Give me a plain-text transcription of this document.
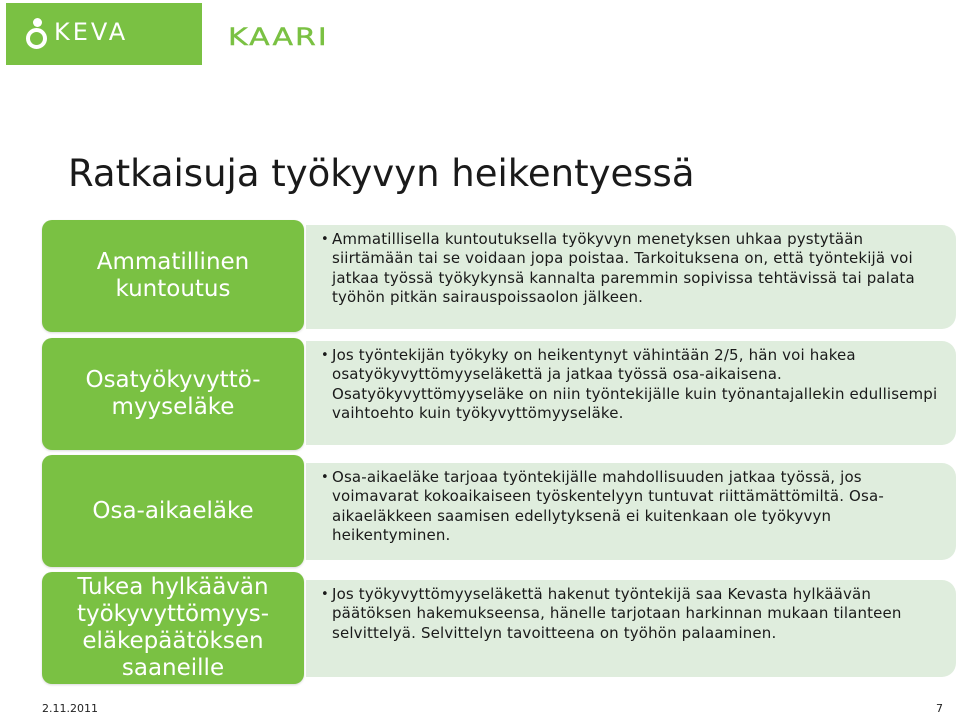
KEVA	KAARI
Ratkaisuja työkyvyn heikentyessä
Ammatillinen
kuntoutus
• Ammatillisella kuntoutuksella työkyvyn menetyksen uhkaa pystytään siirtämään tai se voidaan jopa poistaa. Tarkoituksena on, että työntekijä voi jatkaa työssä työkykynsä kannalta paremmin sopivissa tehtävissä tai palata työhön pitkän sairauspoissaolon jälkeen.
Osatyökyvyttö-
myyseläke
• Jos työntekijän työkyky on heikentynyt vähintään 2/5, hän voi hakea osatyökyvyttömyyseläkettä ja jatkaa työssä osa-aikaisena. Osatyökyvyttömyyseläke on niin työntekijälle kuin työnantajallekin edullisempi vaihtoehto kuin työkyvyttömyyseläke.
Osa-aikaeläke
• Osa-aikaeläke tarjoaa työntekijälle mahdollisuuden jatkaa työssä, jos voimavarat kokoaikaiseen työskentelyyn tuntuvat riittämättömiltä. Osa-aikaeläkkeen saamisen edellytyksenä ei kuitenkaan ole työkyvyn heikentyminen.
Tukea hylkäävän
työkyvyttömyys-
eläkepäätöksen
saaneille
• Jos työkyvyttömyyseläkettä hakenut työntekijä saa Kevasta hylkäävän päätöksen hakemukseensa, hänelle tarjotaan harkinnan mukaan tilanteen selvittelyä. Selvittelyn tavoitteena on työhön palaaminen.
2.11.2011	7
